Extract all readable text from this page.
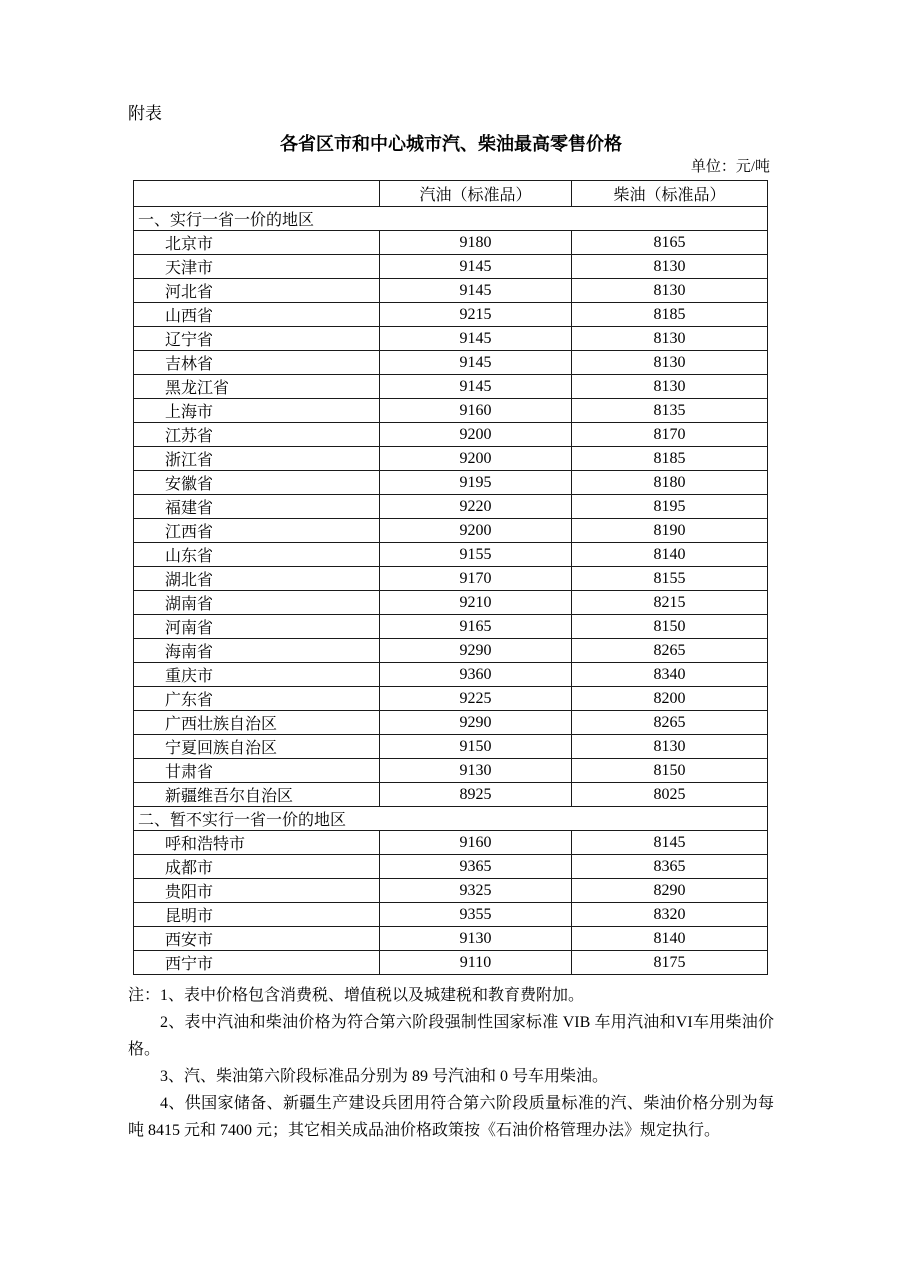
附表
各省区市和中心城市汽、柴油最高零售价格
单位：元/吨
	汽油（标准品）	柴油（标准品）
一、实行一省一价的地区		
北京市	9180	8165
天津市	9145	8130
河北省	9145	8130
山西省	9215	8185
辽宁省	9145	8130
吉林省	9145	8130
黑龙江省	9145	8130
上海市	9160	8135
江苏省	9200	8170
浙江省	9200	8185
安徽省	9195	8180
福建省	9220	8195
江西省	9200	8190
山东省	9155	8140
湖北省	9170	8155
湖南省	9210	8215
河南省	9165	8150
海南省	9290	8265
重庆市	9360	8340
广东省	9225	8200
广西壮族自治区	9290	8265
宁夏回族自治区	9150	8130
甘肃省	9130	8150
新疆维吾尔自治区	8925	8025
二、暂不实行一省一价的地区		
呼和浩特市	9160	8145
成都市	9365	8365
贵阳市	9325	8290
昆明市	9355	8320
西安市	9130	8140
西宁市	9110	8175

注：1、表中价格包含消费税、增值税以及城建税和教育费附加。

2、表中汽油和柴油价格为符合第六阶段强制性国家标准 VIB 车用汽油和VI车用柴油价格。

3、汽、柴油第六阶段标准品分别为 89 号汽油和 0 号车用柴油。

4、供国家储备、新疆生产建设兵团用符合第六阶段质量标准的汽、柴油价格分别为每吨 8415 元和 7400 元；其它相关成品油价格政策按《石油价格管理办法》规定执行。
